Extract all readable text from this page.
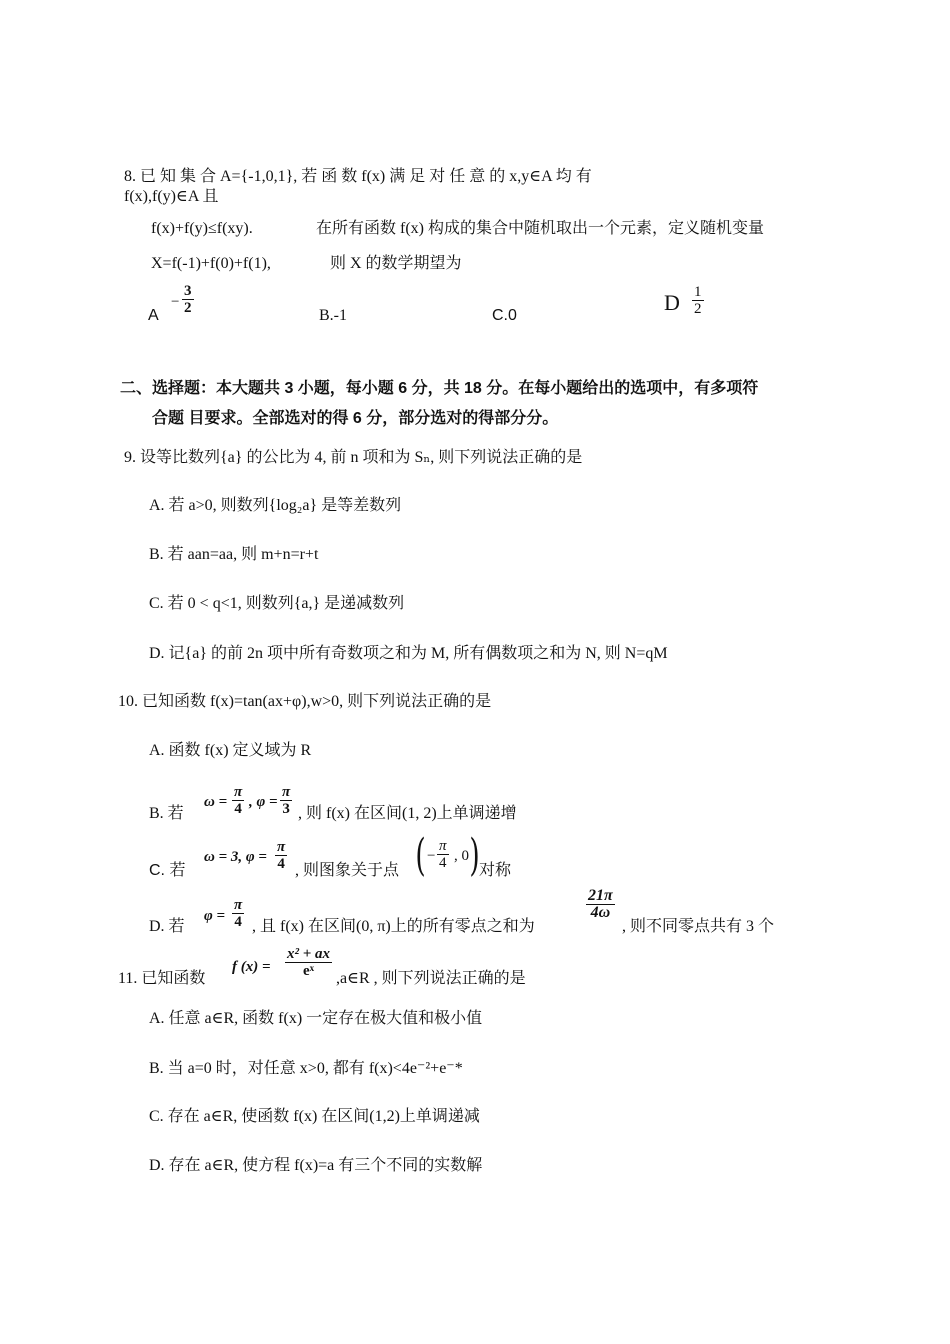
8. 已 知 集 合 A={-1,0,1}, 若 函 数 f(x) 满 足 对 任 意 的 x,y∈A 均 有
f(x),f(y)∈A 且
f(x)+f(y)≤f(xy).	在所有函数 f(x) 构成的集合中随机取出一个元素，定义随机变量
X=f(-1)+f(0)+f(1),	则 X 的数学期望为
A
−
3
2	B.-1	C.0
D 1
2
二、选择题：本大题共 3 小题，每小题 6 分，共 18 分。在每小题给出的选项中，有多项符
合题 目要求。全部选对的得 6 分，部分选对的得部分分。
9. 设等比数列{a} 的公比为 4, 前 n 项和为 Sₙ, 则下列说法正确的是
A. 若 a>0, 则数列{log₂a} 是等差数列
B. 若 aan=aa, 则 m+n=r+t
C. 若 0 < q<1, 则数列{a,} 是递减数列
D. 记{a} 的前 2n 项中所有奇数项之和为 M, 所有偶数项之和为 N, 则 N=qM
10. 已知函数 f(x)=tan(ax+φ),w>0, 则下列说法正确的是
A. 函数 f(x) 定义域为 R
B. 若
ω =
π
4 , φ =
π
3 , 则 f(x) 在区间(1, 2)上单调递增
C. 若
ω = 3, φ =
π
4 , 则图象关于点 ( −
π
4 , 0 ) 对称
D. 若
φ =
π
4 , 且 f(x) 在区间(0, π)上的所有零点之和为
21π
4ω
, 则不同零点共有 3 个
11. 已知函数
f (x) =
x² + ax
eˣ ,a∈R , 则下列说法正确的是
A. 任意 a∈R, 函数 f(x) 一定存在极大值和极小值
B. 当 a=0 时，对任意 x>0, 都有 f(x)<4e⁻²+e⁻*
C. 存在 a∈R, 使函数 f(x) 在区间(1,2)上单调递减
D. 存在 a∈R, 使方程 f(x)=a 有三个不同的实数解
